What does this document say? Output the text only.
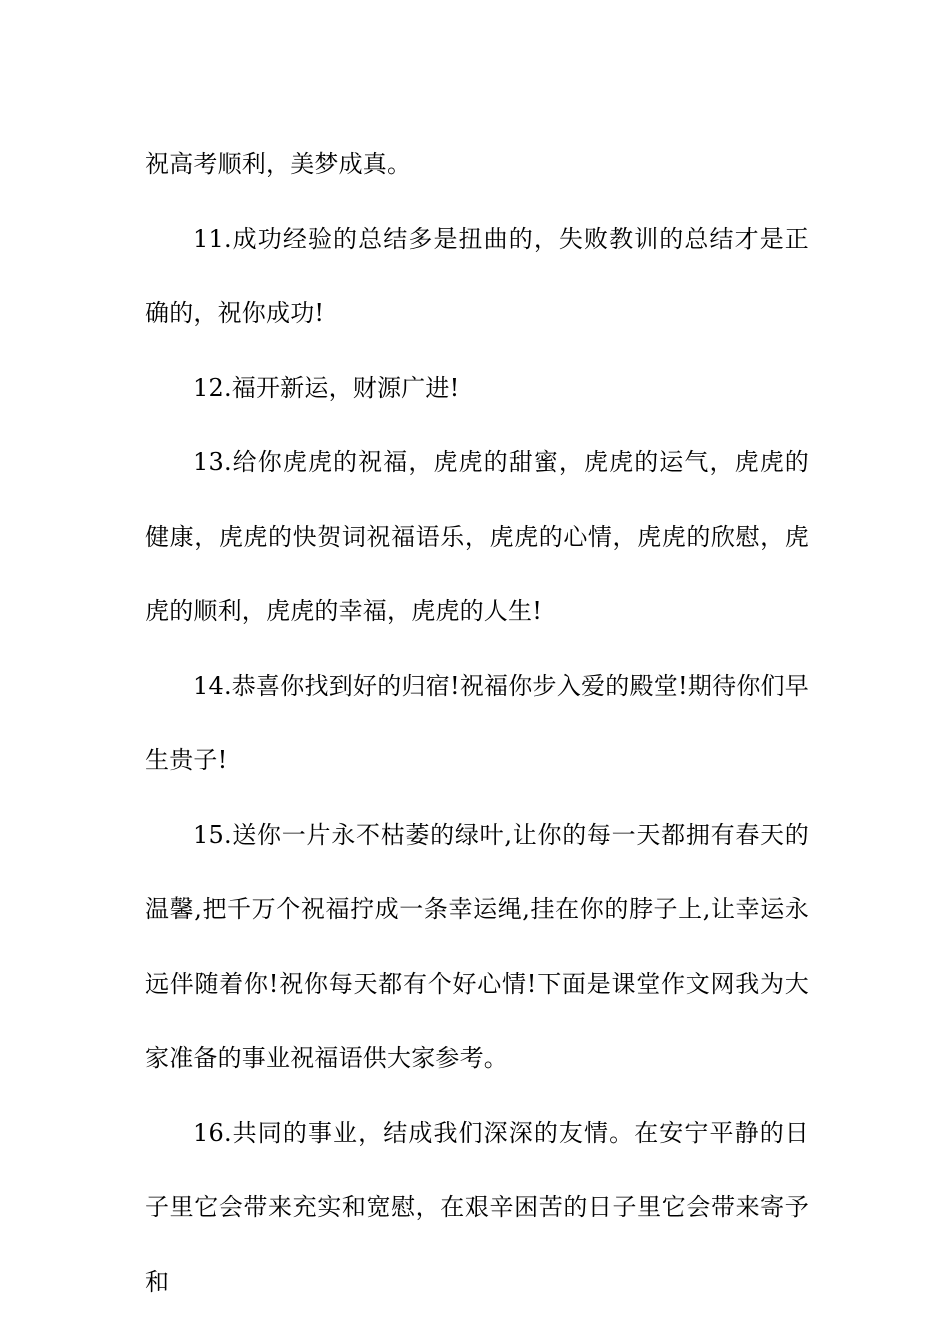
祝高考顺利，美梦成真。

11.成功经验的总结多是扭曲的，失败教训的总结才是正确的，祝你成功!

12.福开新运，财源广进!

13.给你虎虎的祝福，虎虎的甜蜜，虎虎的运气，虎虎的健康，虎虎的快贺词祝福语乐，虎虎的心情，虎虎的欣慰，虎虎的顺利，虎虎的幸福，虎虎的人生!

14.恭喜你找到好的归宿!祝福你步入爱的殿堂!期待你们早生贵子!

15.送你一片永不枯萎的绿叶,让你的每一天都拥有春天的温馨,把千万个祝福拧成一条幸运绳,挂在你的脖子上,让幸运永远伴随着你!祝你每天都有个好心情!下面是课堂作文网我为大家准备的事业祝福语供大家参考。

16.共同的事业，结成我们深深的友情。在安宁平静的日子里它会带来充实和宽慰，在艰辛困苦的日子里它会带来寄予和
